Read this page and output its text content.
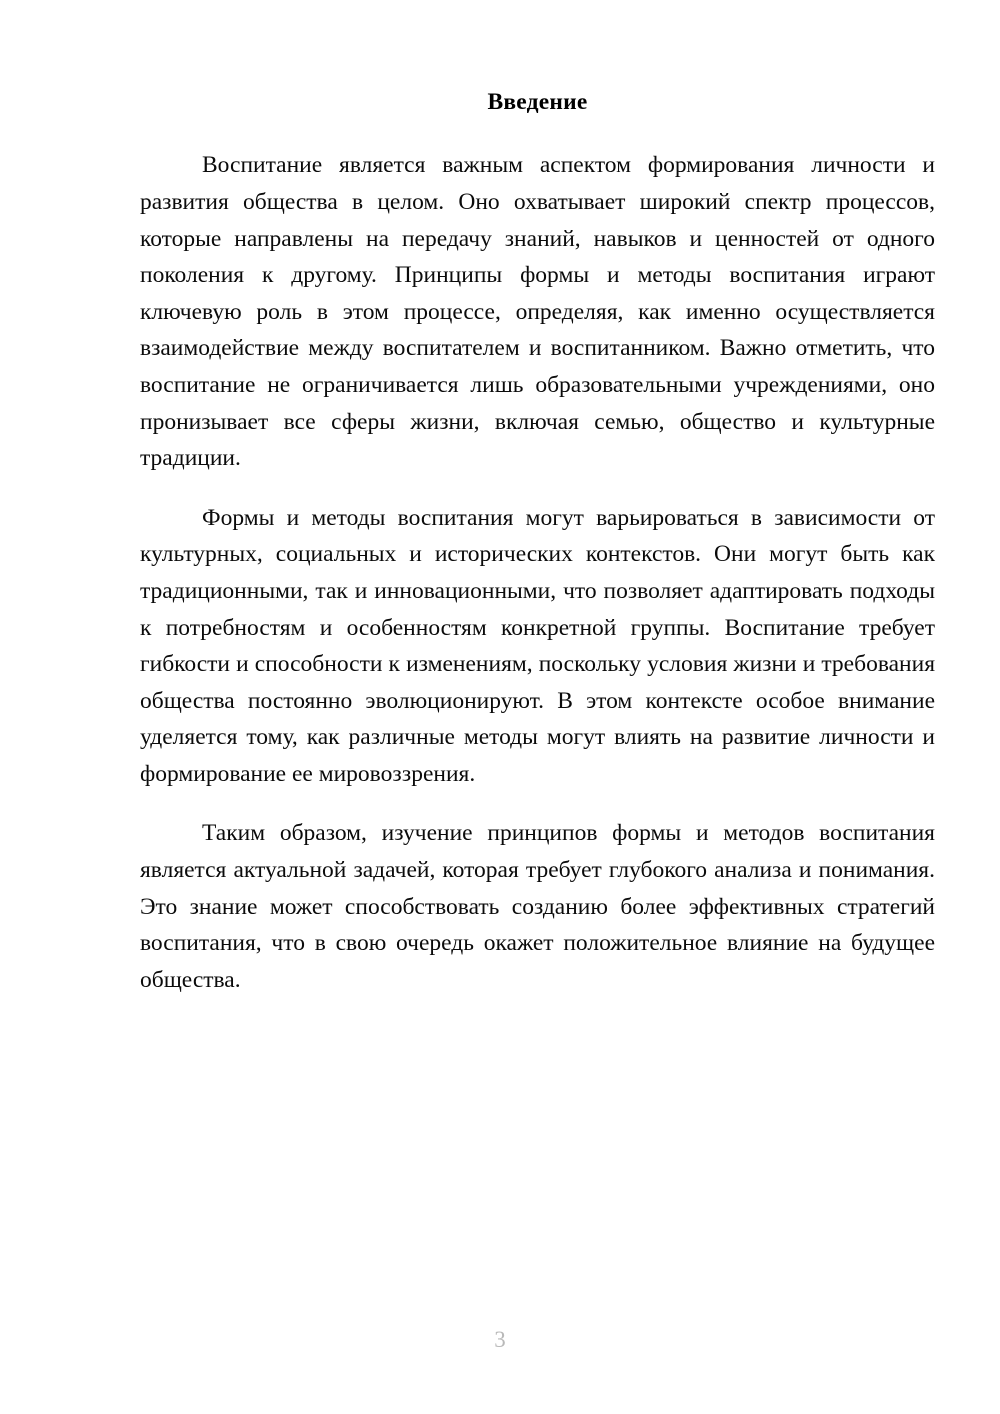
Введение

Воспитание является важным аспектом формирования личности и развития общества в целом. Оно охватывает широкий спектр процессов, которые направлены на передачу знаний, навыков и ценностей от одного поколения к другому. Принципы формы и методы воспитания играют ключевую роль в этом процессе, определяя, как именно осуществляется взаимодействие между воспитателем и воспитанником. Важно отметить, что воспитание не ограничивается лишь образовательными учреждениями, оно пронизывает все сферы жизни, включая семью, общество и культурные традиции.

Формы и методы воспитания могут варьироваться в зависимости от культурных, социальных и исторических контекстов. Они могут быть как традиционными, так и инновационными, что позволяет адаптировать подходы к потребностям и особенностям конкретной группы. Воспитание требует гибкости и способности к изменениям, поскольку условия жизни и требования общества постоянно эволюционируют. В этом контексте особое внимание уделяется тому, как различные методы могут влиять на развитие личности и формирование ее мировоззрения.

Таким образом, изучение принципов формы и методов воспитания является актуальной задачей, которая требует глубокого анализа и понимания. Это знание может способствовать созданию более эффективных стратегий воспитания, что в свою очередь окажет положительное влияние на будущее общества.

3
